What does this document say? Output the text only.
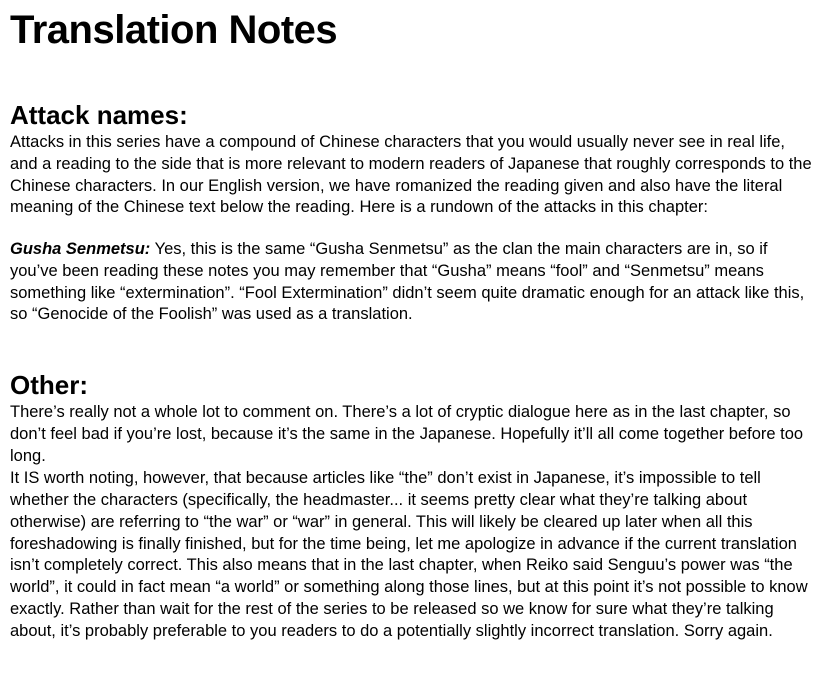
Translation Notes
Attack names:

Attacks in this series have a compound of Chinese characters that you would usually never see in real life, and a reading to the side that is more relevant to modern readers of Japanese that roughly corresponds to the Chinese characters. In our English version, we have romanized the reading given and also have the literal meaning of the Chinese text below the reading. Here is a rundown of the attacks in this chapter:

Gusha Senmetsu: Yes, this is the same “Gusha Senmetsu” as the clan the main characters are in, so if you’ve been reading these notes you may remember that “Gusha” means “fool” and “Senmetsu” means something like “extermination”. “Fool Extermination” didn’t seem quite dramatic enough for an attack like this, so “Genocide of the Foolish” was used as a translation.

Other:

There’s really not a whole lot to comment on. There’s a lot of cryptic dialogue here as in the last chapter, so don’t feel bad if you’re lost, because it’s the same in the Japanese. Hopefully it’ll all come together before too long.

It IS worth noting, however, that because articles like “the” don’t exist in Japanese, it’s impossible to tell whether the characters (specifically, the headmaster... it seems pretty clear what they’re talking about otherwise) are referring to “the war” or “war” in general. This will likely be cleared up later when all this foreshadowing is finally finished, but for the time being, let me apologize in advance if the current translation isn’t completely correct. This also means that in the last chapter, when Reiko said Senguu’s power was “the world”, it could in fact mean “a world” or something along those lines, but at this point it’s not possible to know exactly. Rather than wait for the rest of the series to be released so we know for sure what they’re talking about, it’s probably preferable to you readers to do a potentially slightly incorrect translation. Sorry again.
